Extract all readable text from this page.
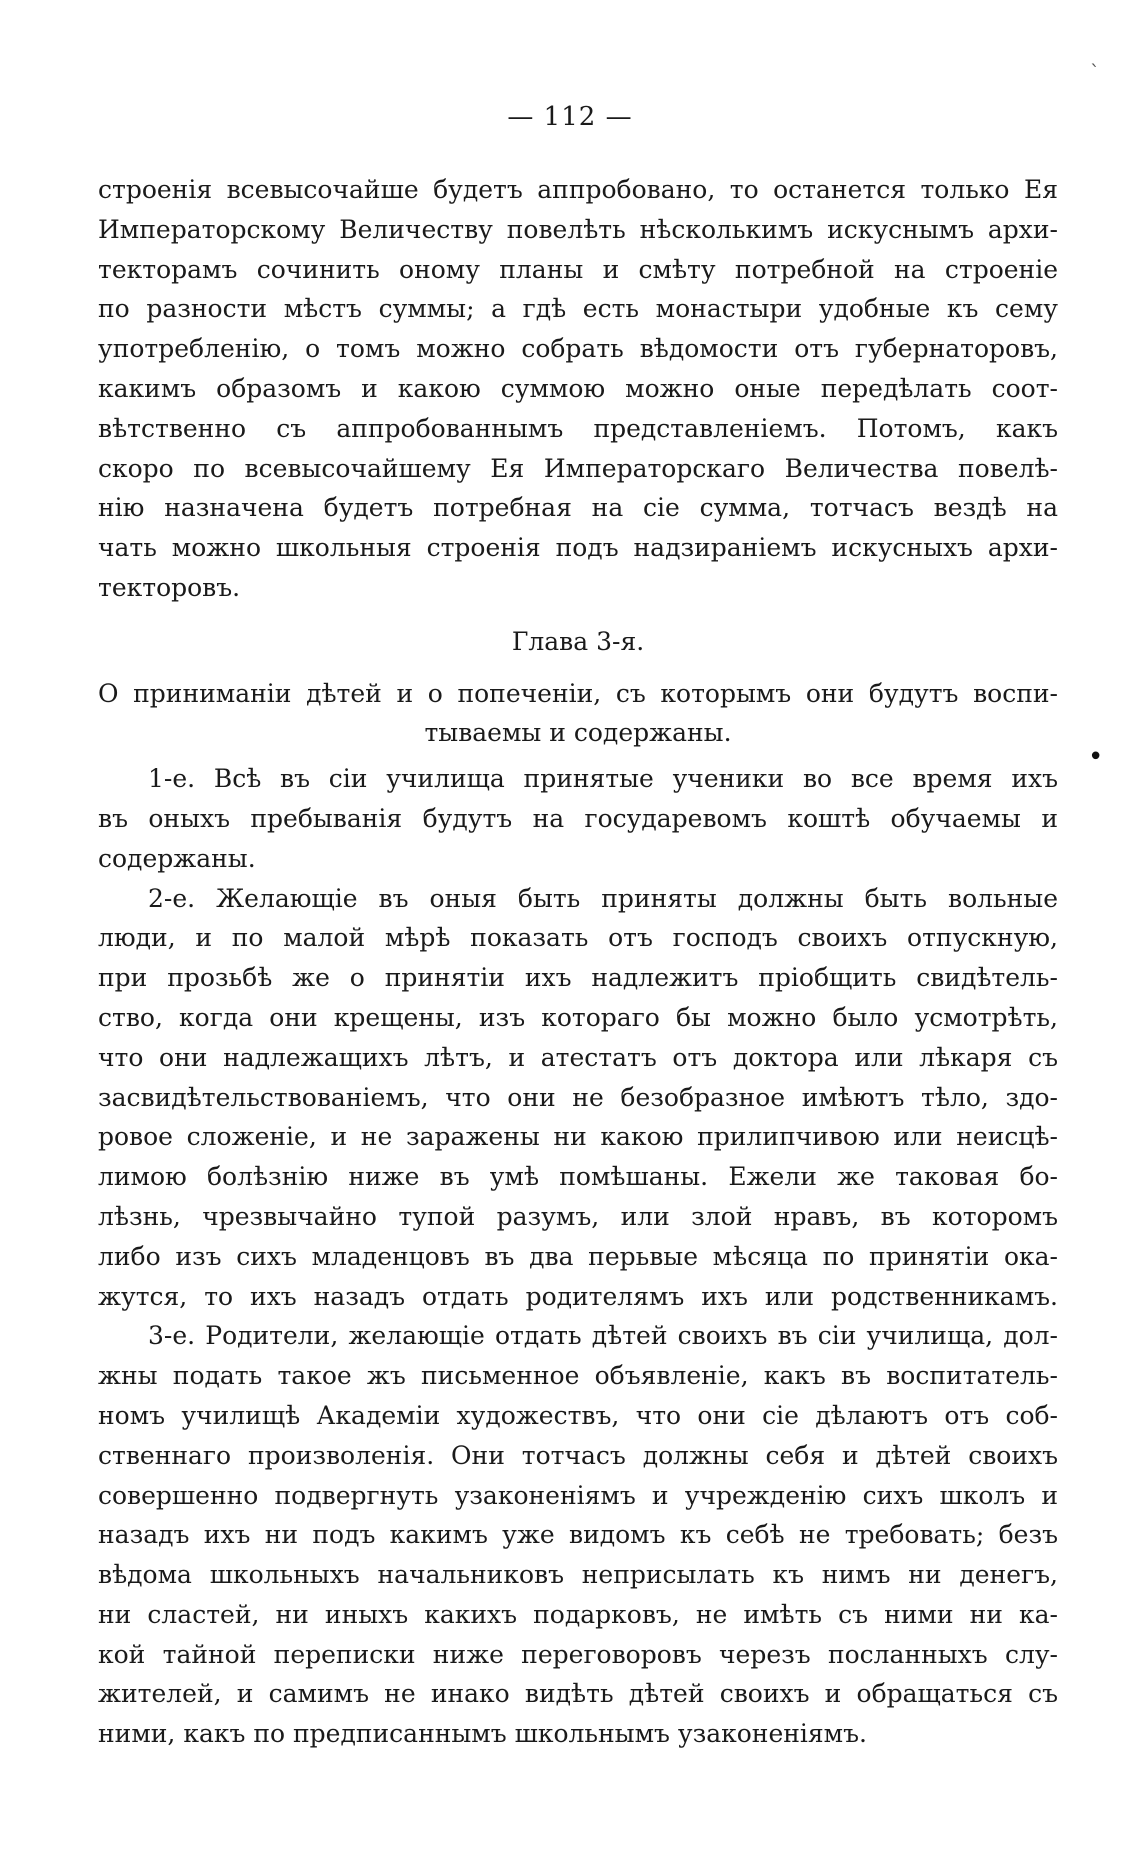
ˋ
•
— 112 —
строенія всевысочайше будетъ аппробовано, то останется только Ея
Императорскому Величеству повелѣть нѣсколькимъ искуснымъ архи-
текторамъ сочинить оному планы и смѣту потребной на строеніе
по разности мѣстъ суммы; а гдѣ есть монастыри удобные къ сему
употребленію, о томъ можно собрать вѣдомости отъ губернаторовъ,
какимъ образомъ и какою суммою можно оные передѣлать соот-
вѣтственно съ аппробованнымъ представленіемъ. Потомъ, какъ
скоро по всевысочайшему Ея Императорскаго Величества повелѣ-
нію назначена будетъ потребная на сіе сумма, тотчасъ вездѣ на
чать можно школьныя строенія подъ надзираніемъ искусныхъ архи-
текторовъ.
Глава 3-я.
О приниманіи дѣтей и о попеченіи, съ которымъ они будутъ воспи-
тываемы и содержаны.
1-е. Всѣ въ сіи училища принятые ученики во все время ихъ
въ оныхъ пребыванія будутъ на государевомъ коштѣ обучаемы и
содержаны.
2-е. Желающіе въ оныя быть приняты должны быть вольные
люди, и по малой мѣрѣ показать отъ господъ своихъ отпускную,
при прозьбѣ же о принятіи ихъ надлежитъ пріобщить свидѣтель-
ство, когда они крещены, изъ котораго бы можно было усмотрѣть,
что они надлежащихъ лѣтъ, и атестатъ отъ доктора или лѣкаря съ
засвидѣтельствованіемъ, что они не безобразное имѣютъ тѣло, здо-
ровое сложеніе, и не заражены ни какою прилипчивою или неисцѣ-
лимою болѣзнію ниже въ умѣ помѣшаны. Ежели же таковая бо-
лѣзнь, чрезвычайно тупой разумъ, или злой нравъ, въ которомъ
либо изъ сихъ младенцовъ въ два перьвые мѣсяца по принятіи ока-
жутся, то ихъ назадъ отдать родителямъ ихъ или родственникамъ.
3-е. Родители, желающіе отдать дѣтей своихъ въ сіи училища, дол-
жны подать такое жъ письменное объявленіе, какъ въ воспитатель-
номъ училищѣ Академіи художествъ, что они сіе дѣлаютъ отъ соб-
ственнаго произволенія. Они тотчасъ должны себя и дѣтей своихъ
совершенно подвергнуть узаконеніямъ и учрежденію сихъ школъ и
назадъ ихъ ни подъ какимъ уже видомъ къ себѣ не требовать; безъ
вѣдома школьныхъ начальниковъ неприсылать къ нимъ ни денегъ,
ни сластей, ни иныхъ какихъ подарковъ, не имѣть съ ними ни ка-
кой тайной переписки ниже переговоровъ черезъ посланныхъ слу-
жителей, и самимъ не инако видѣть дѣтей своихъ и обращаться съ
ними, какъ по предписаннымъ школьнымъ узаконеніямъ.
